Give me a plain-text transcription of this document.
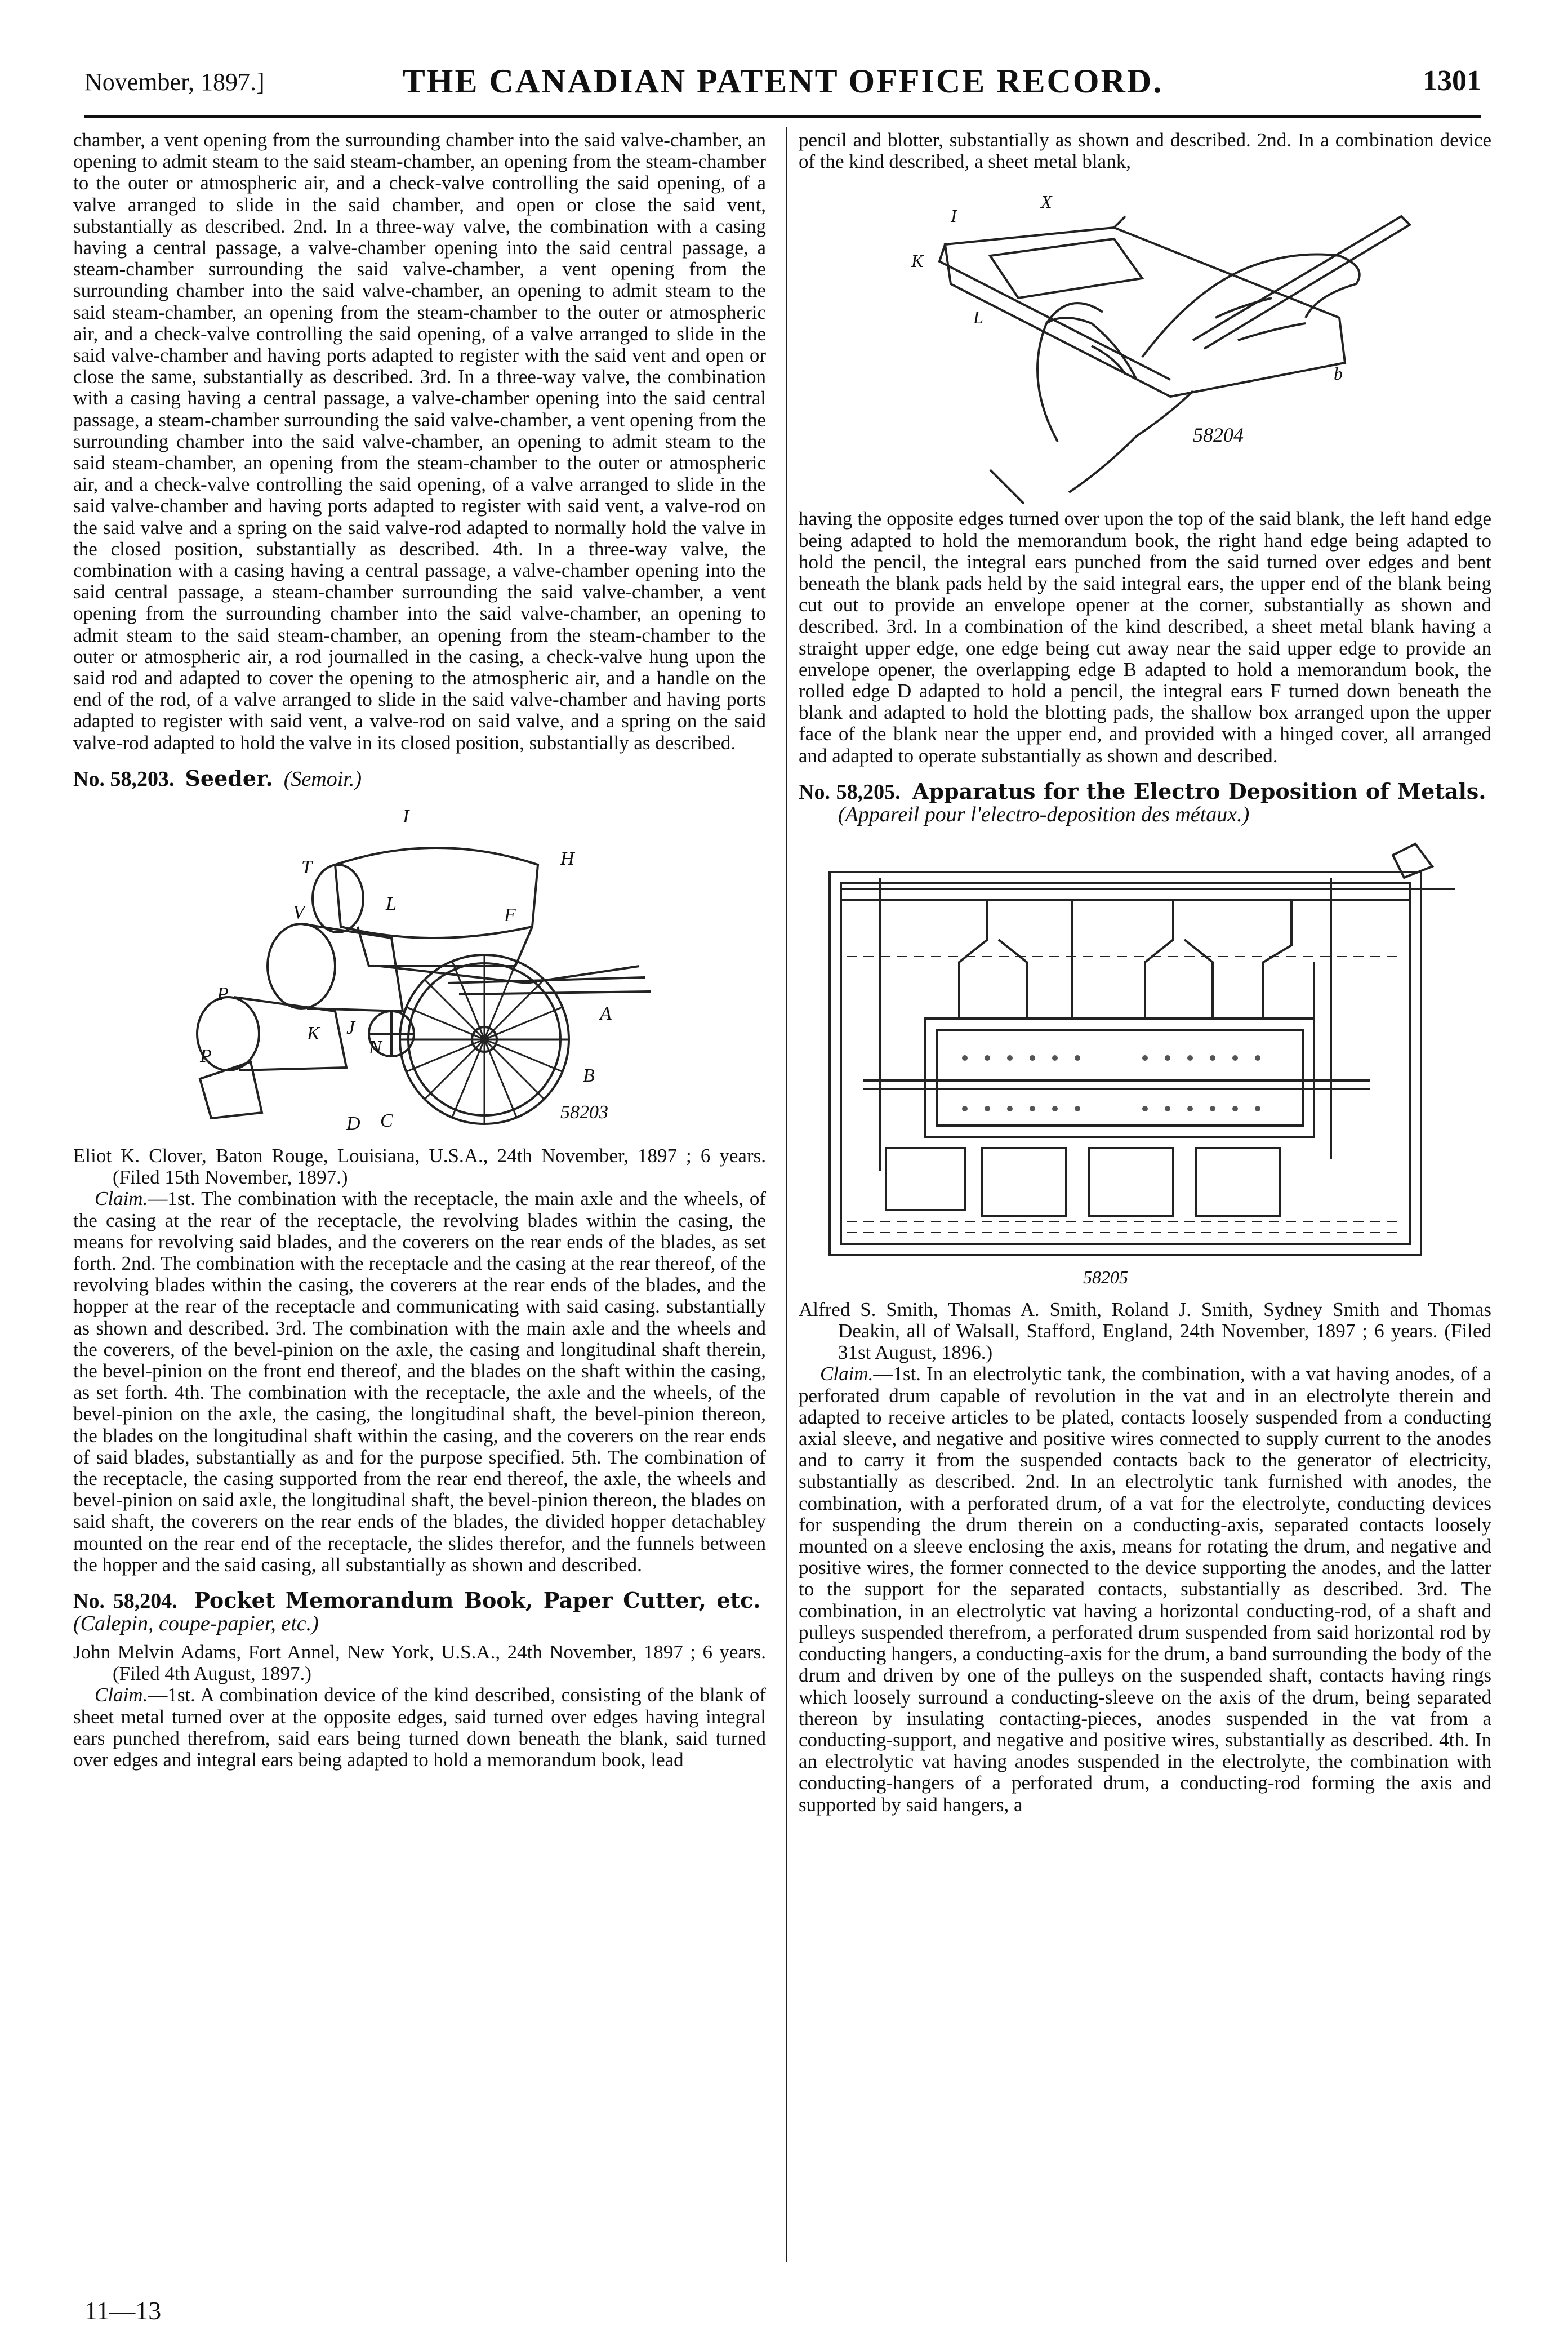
November, 1897.]	THE CANADIAN PATENT OFFICE RECORD.	1301

chamber, a vent opening from the surrounding chamber into the said valve-chamber, an opening to admit steam to the said steam-chamber, an opening from the steam-chamber to the outer or atmospheric air, and a check-valve controlling the said opening, of a valve arranged to slide in the said chamber, and open or close the said vent, substantially as described. 2nd. In a three-way valve, the combination with a casing having a central passage, a valve-chamber opening into the said central passage, a steam-chamber surrounding the said valve-chamber, a vent opening from the surrounding chamber into the said valve-chamber, an opening to admit steam to the said steam-chamber, an opening from the steam-chamber to the outer or atmospheric air, and a check-valve controlling the said opening, of a valve arranged to slide in the said valve-chamber and having ports adapted to register with the said vent and open or close the same, substantially as described. 3rd. In a three-way valve, the combination with a casing having a central passage, a valve-chamber opening into the said central passage, a steam-chamber surrounding the said valve-chamber, a vent opening from the surrounding chamber into the said valve-chamber, an opening to admit steam to the said steam-chamber, an opening from the steam-chamber to the outer or atmospheric air, and a check-valve controlling the said opening, of a valve arranged to slide in the said valve-chamber and having ports adapted to register with said vent, a valve-rod on the said valve and a spring on the said valve-rod adapted to normally hold the valve in the closed position, substantially as described. 4th. In a three-way valve, the combination with a casing having a central passage, a valve-chamber opening into the said central passage, a steam-chamber surrounding the said valve-chamber, a vent opening from the surrounding chamber into the said valve-chamber, an opening to admit steam to the said steam-chamber, an opening from the steam-chamber to the outer or atmospheric air, a rod journalled in the casing, a check-valve hung upon the said rod and adapted to cover the opening to the atmospheric air, and a handle on the end of the rod, of a valve arranged to slide in the said valve-chamber and having ports adapted to register with said vent, a valve-rod on said valve, and a spring on the said valve-rod adapted to hold the valve in its closed position, substantially as described.

No. 58,203. Seeder. (Semoir.)
I
H
T
V	L
F
P
P
K J
N
A
D C
B
58203

Eliot K. Clover, Baton Rouge, Louisiana, U.S.A., 24th November, 1897 ; 6 years. (Filed 15th November, 1897.)

Claim.—1st. The combination with the receptacle, the main axle and the wheels, of the casing at the rear of the receptacle, the revolving blades within the casing, the means for revolving said blades, and the coverers on the rear ends of the blades, as set forth. 2nd. The combination with the receptacle and the casing at the rear thereof, of the revolving blades within the casing, the coverers at the rear ends of the blades, and the hopper at the rear of the receptacle and communicating with said casing. substantially as shown and described. 3rd. The combination with the main axle and the wheels and the coverers, of the bevel-pinion on the axle, the casing and longitudinal shaft therein, the bevel-pinion on the front end thereof, and the blades on the shaft within the casing, as set forth. 4th. The combination with the receptacle, the axle and the wheels, of the bevel-pinion on the axle, the casing, the longitudinal shaft, the bevel-pinion thereon, the blades on the longitudinal shaft within the casing, and the coverers on the rear ends of said blades, substantially as and for the purpose specified. 5th. The combination of the receptacle, the casing supported from the rear end thereof, the axle, the wheels and bevel-pinion on said axle, the longitudinal shaft, the bevel-pinion thereon, the blades on said shaft, the coverers on the rear ends of the blades, the divided hopper detachabley mounted on the rear end of the receptacle, the slides therefor, and the funnels between the hopper and the said casing, all substantially as shown and described.

No. 58,204. Pocket Memorandum Book, Paper Cutter, etc.  (Calepin, coupe-papier, etc.)

John Melvin Adams, Fort Annel, New York, U.S.A., 24th November, 1897 ; 6 years. (Filed 4th August, 1897.)

Claim.—1st. A combination device of the kind described, consisting of the blank of sheet metal turned over at the opposite edges, said turned over edges having integral ears punched therefrom, said ears being turned down beneath the blank, said turned over edges and integral ears being adapted to hold a memorandum book, lead

11—13

pencil and blotter, substantially as shown and described. 2nd. In a combination device of the kind described, a sheet metal blank,

I
X
K
L
b
58204

having the opposite edges turned over upon the top of the said blank, the left hand edge being adapted to hold the memorandum book, the right hand edge being adapted to hold the pencil, the integral ears punched from the said turned over edges and bent beneath the blank pads held by the said integral ears, the upper end of the blank being cut out to provide an envelope opener at the corner, substantially as shown and described. 3rd. In a combination of the kind described, a sheet metal blank having a straight upper edge, one edge being cut away near the said upper edge to provide an envelope opener, the overlapping edge B adapted to hold a memorandum book, the rolled edge D adapted to hold a pencil, the integral ears F turned down beneath the blank and adapted to hold the blotting pads, the shallow box arranged upon the upper face of the blank near the upper end, and provided with a hinged cover, all arranged and adapted to operate substantially as shown and described.

No. 58,205. Apparatus for the Electro Deposition of Metals.  (Appareil pour l'electro-deposition des métaux.)
58205

Alfred S. Smith, Thomas A. Smith, Roland J. Smith, Sydney Smith and Thomas Deakin, all of Walsall, Stafford, England, 24th November, 1897 ; 6 years. (Filed 31st August, 1896.)

Claim.—1st. In an electrolytic tank, the combination, with a vat having anodes, of a perforated drum capable of revolution in the vat and in an electrolyte therein and adapted to receive articles to be plated, contacts loosely suspended from a conducting axial sleeve, and negative and positive wires connected to supply current to the anodes and to carry it from the suspended contacts back to the generator of electricity, substantially as described. 2nd. In an electrolytic tank furnished with anodes, the combination, with a perforated drum, of a vat for the electrolyte, conducting devices for suspending the drum therein on a conducting-axis, separated contacts loosely mounted on a sleeve enclosing the axis, means for rotating the drum, and negative and positive wires, the former connected to the device supporting the anodes, and the latter to the support for the separated contacts, substantially as described. 3rd. The combination, in an electrolytic vat having a horizontal conducting-rod, of a shaft and pulleys suspended therefrom, a perforated drum suspended from said horizontal rod by conducting hangers, a conducting-axis for the drum, a band surrounding the body of the drum and driven by one of the pulleys on the suspended shaft, contacts having rings which loosely surround a conducting-sleeve on the axis of the drum, being separated thereon by insulating contacting-pieces, anodes suspended in the vat from a conducting-support, and negative and positive wires, substantially as described. 4th. In an electrolytic vat having anodes suspended in the electrolyte, the combination with conducting-hangers of a perforated drum, a conducting-rod forming the axis and supported by said hangers, a
